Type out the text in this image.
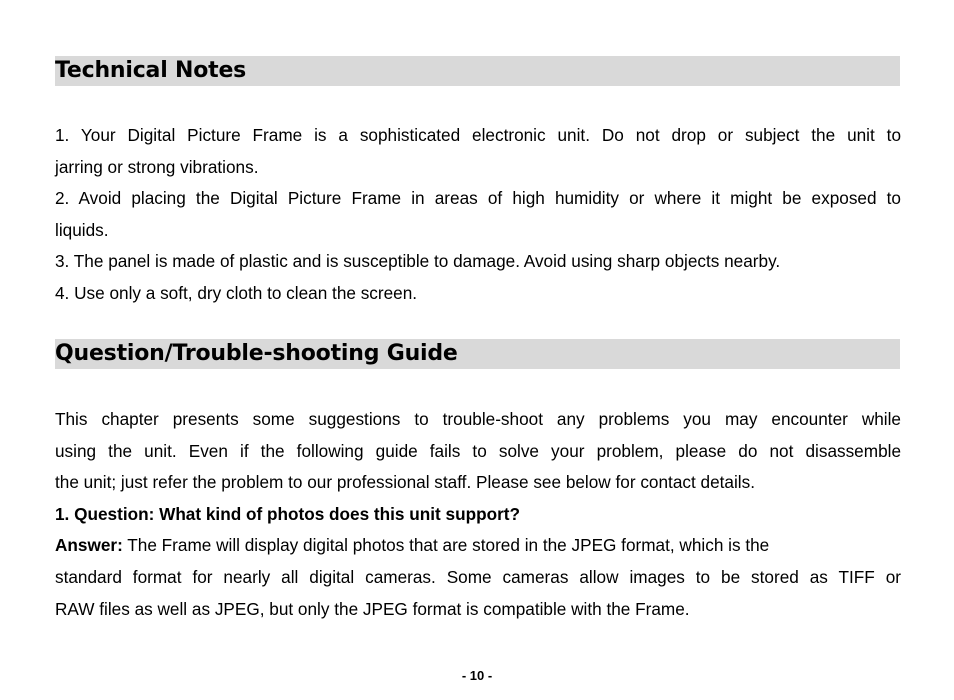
Technical Notes
1. Your Digital Picture Frame is a sophisticated electronic unit. Do not drop or subject the unit to
jarring or strong vibrations.
2. Avoid placing the Digital Picture Frame in areas of high humidity or where it might be exposed to
liquids.
3. The panel is made of plastic and is susceptible to damage. Avoid using sharp objects nearby.
4. Use only a soft, dry cloth to clean the screen.
Question/Trouble-shooting Guide
This chapter presents some suggestions to trouble-shoot any problems you may encounter while
using the unit. Even if the following guide fails to solve your problem, please do not disassemble
the unit; just refer the problem to our professional staff. Please see below for contact details.
1. Question: What kind of photos does this unit support?
Answer: The Frame will display digital photos that are stored in the JPEG format, which is the
standard format for nearly all digital cameras. Some cameras allow images to be stored as TIFF or
RAW files as well as JPEG, but only the JPEG format is compatible with the Frame.
- 10 -
